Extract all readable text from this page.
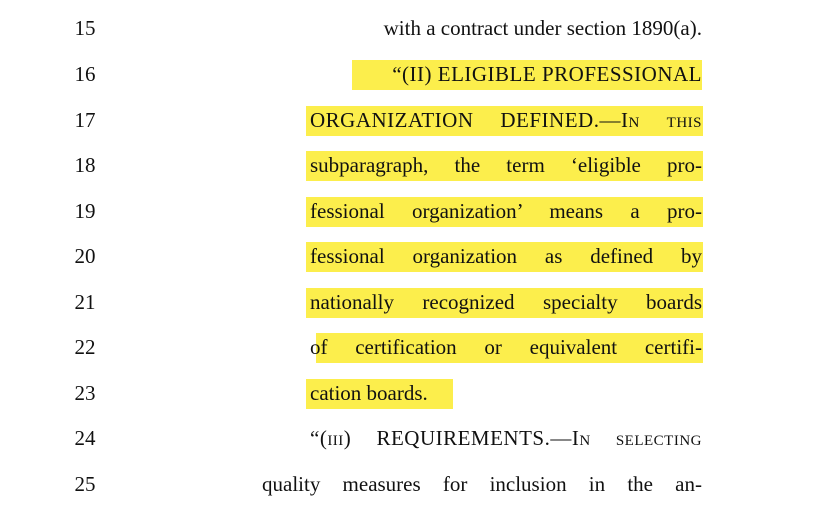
15	with a contract under section 1890(a).
16	“(II) ELIGIBLE PROFESSIONAL
17	ORGANIZATION DEFINED.—In this
18	subparagraph, the term ‘eligible pro-
19	fessional organization’ means a pro-
20	fessional organization as defined by
21	nationally recognized specialty boards
22	of certification or equivalent certifi-
23	cation boards.
24	“(iii) REQUIREMENTS.—In selecting
25	quality measures for inclusion in the an-
